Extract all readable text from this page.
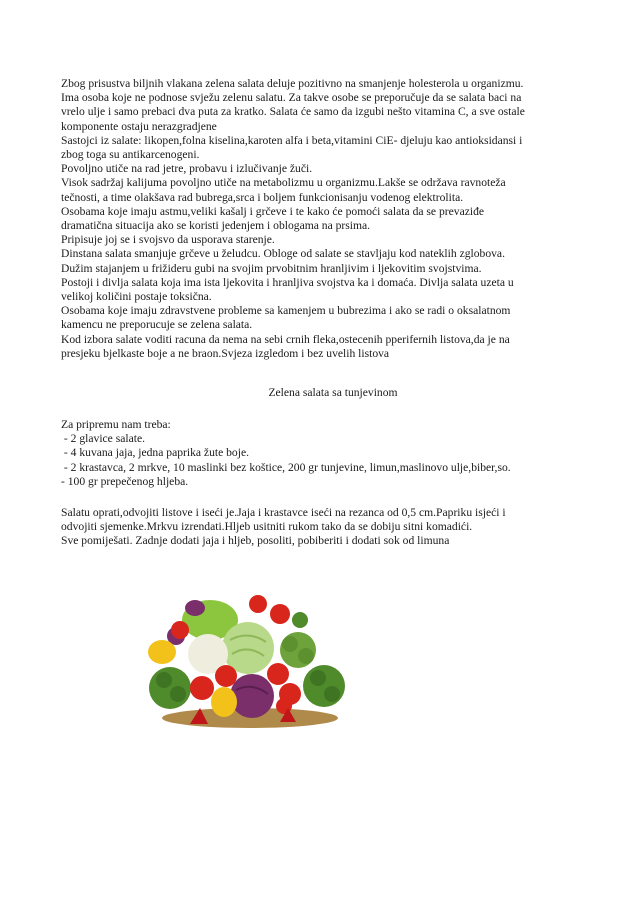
Zbog prisustva biljnih vlakana zelena salata deluje pozitivno na smanjenje holesterola u organizmu.

Ima osoba koje ne podnose svježu zelenu salatu. Za takve osobe se preporučuje da se salata baci na

vrelo ulje i samo prebaci dva puta za kratko. Salata će samo da izgubi nešto vitamina C, a sve ostale

komponente ostaju nerazgradjene

Sastojci iz salate: likopen,folna kiselina,karoten alfa i beta,vitamini CiE- djeluju kao antioksidansi i

zbog toga su antikarcenogeni.

Povoljno utiče na rad jetre, probavu i izlučivanje žuči.

Visok sadržaj kalijuma povoljno utiče na metabolizmu u organizmu.Lakše se održava ravnoteža

tečnosti, a time olakšava rad bubrega,srca i boljem funkcionisanju vodenog elektrolita.

Osobama koje imaju astmu,veliki kašalj i grčeve i te kako će pomoći salata da se prevaziđe

dramatična situacija ako se koristi jedenjem i oblogama na prsima.

Pripisuje joj se i svojsvo da usporava starenje.

Dinstana salata smanjuje grčeve u želudcu. Obloge od salate se stavljaju kod nateklih zglobova.

Dužim stajanjem u frižideru gubi na svojim prvobitnim hranljivim i ljekovitim svojstvima.

Postoji i divlja salata koja ima ista ljekovita i hranljiva svojstva ka i domaća. Divlja salata uzeta u

velikoj količini postaje toksična.

Osobama koje imaju zdravstvene probleme sa kamenjem u bubrezima i ako se radi o oksalatnom

kamencu ne preporucuje se zelena salata.

Kod izbora salate voditi racuna da nema na sebi crnih fleka,ostecenih pperifernih listova,da je na

presjeku bjelkaste boje a ne braon.Svjeza izgledom i bez uvelih listova

Zelena salata sa tunjevinom

Za pripremu nam treba:

- 2 glavice salate.

- 4 kuvana jaja, jedna paprika žute boje.

- 2 krastavca, 2 mrkve, 10 maslinki bez koštice, 200 gr tunjevine, limun,maslinovo ulje,biber,so.

- 100 gr prepečenog hljeba.

Salatu oprati,odvojiti listove i iseći je.Jaja i krastavce iseći na rezanca od 0,5 cm.Papriku isjeći i

odvojiti sjemenke.Mrkvu izrendati.Hljeb usitniti rukom tako da se dobiju sitni komadići.

Sve pomiješati. Zadnje dodati jaja i hljeb, posoliti, pobiberiti i dodati sok od limuna
